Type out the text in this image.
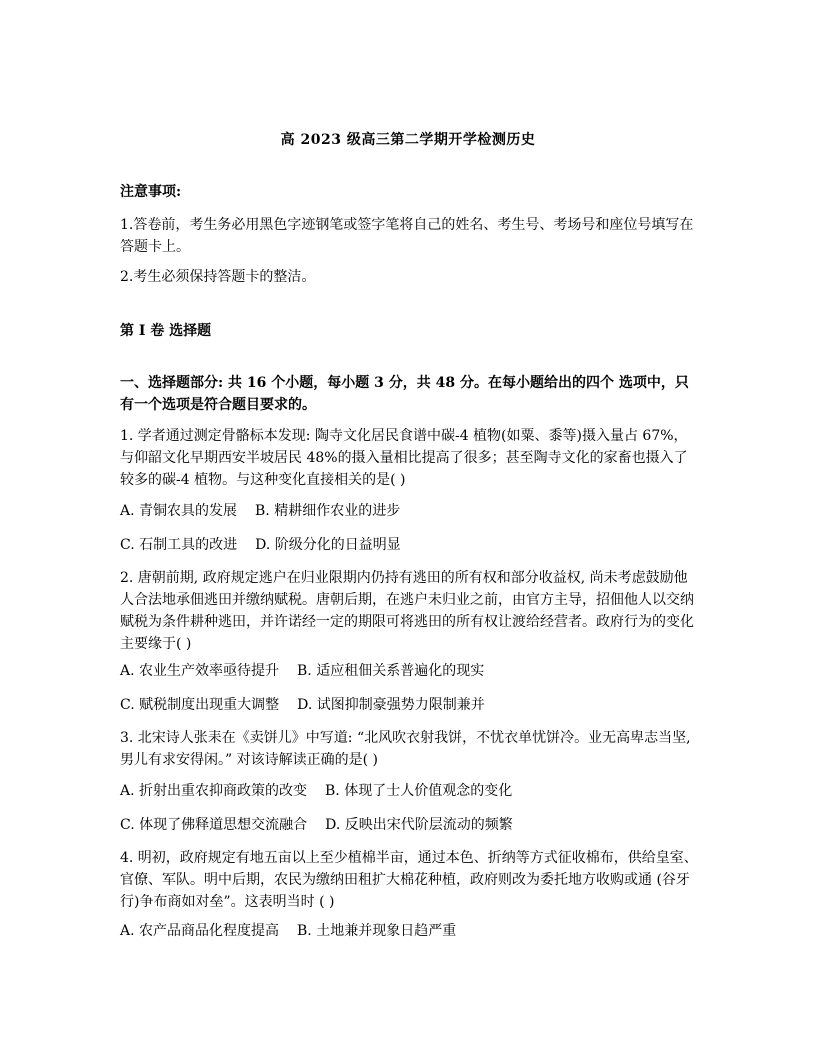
高 2023 级高三第二学期开学检测历史
注意事项:
1.答卷前，考生务必用黑色字迹钢笔或签字笔将自己的姓名、考生号、考场号和座位号填写在答题卡上。
2.考生必须保持答题卡的整洁。
第 I 卷 选择题
一、选择题部分: 共 16 个小题，每小题 3 分，共 48 分。在每小题给出的四个 选项中，只有一个选项是符合题目要求的。
1. 学者通过测定骨骼标本发现: 陶寺文化居民食谱中碳-4 植物(如粟、黍等)摄入量占 67%，与仰韶文化早期西安半坡居民 48%的摄入量相比提高了很多；甚至陶寺文化的家畜也摄入了较多的碳-4 植物。与这种变化直接相关的是( )
A. 青铜农具的发展 B. 精耕细作农业的进步
C. 石制工具的改进 D. 阶级分化的日益明显
2. 唐朝前期, 政府规定逃户在归业限期内仍持有逃田的所有权和部分收益权, 尚未考虑鼓励他人合法地承佃逃田并缴纳赋税。唐朝后期，在逃户未归业之前，由官方主导，招佃他人以交纳赋税为条件耕种逃田，并许诺经一定的期限可将逃田的所有权让渡给经营者。政府行为的变化主要缘于( )
A. 农业生产效率亟待提升 B. 适应租佃关系普遍化的现实
C. 赋税制度出现重大调整 D. 试图抑制豪强势力限制兼并
3. 北宋诗人张耒在《卖饼儿》中写道: “北风吹衣射我饼，不忧衣单忧饼冷。业无高卑志当坚, 男儿有求安得闲。” 对该诗解读正确的是( )
A. 折射出重农抑商政策的改变 B. 体现了士人价值观念的变化
C. 体现了佛释道思想交流融合 D. 反映出宋代阶层流动的频繁
4. 明初，政府规定有地五亩以上至少植棉半亩，通过本色、折纳等方式征收棉布，供给皇室、官僚、军队。明中后期，农民为缴纳田租扩大棉花种植，政府则改为委托地方收购或通 (谷牙行)争布商如对垒”。这表明当时 ( )
A. 农产品商品化程度提高 B. 土地兼并现象日趋严重
